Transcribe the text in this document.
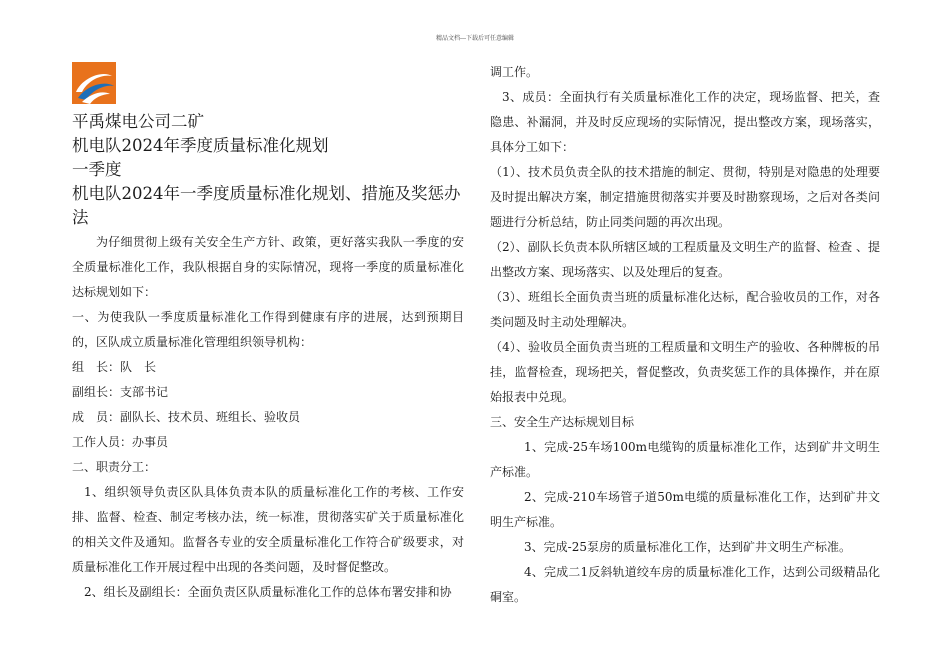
精品文档---下载后可任意编辑
平禹煤电公司二矿
机电队2024年季度质量标准化规划
一季度
机电队2024年一季度质量标准化规划、措施及奖惩办法

为仔细贯彻上级有关安全生产方针、政策，更好落实我队一季度的安全质量标准化工作，我队根据自身的实际情况，现将一季度的质量标准化达标规划如下：

一、为使我队一季度质量标准化工作得到健康有序的进展，达到预期目的，区队成立质量标准化管理组织领导机构：

组　长：队　长

副组长：支部书记

成　员：副队长、技术员、班组长、验收员

工作人员：办事员

二、职责分工：

1、组织领导负责区队具体负责本队的质量标准化工作的考核、工作安排、监督、检查、制定考核办法，统一标准，贯彻落实矿关于质量标准化的相关文件及通知。监督各专业的安全质量标准化工作符合矿级要求，对质量标准化工作开展过程中出现的各类问题，及时督促整改。

2、组长及副组长：全面负责区队质量标准化工作的总体布署安排和协

调工作。

3、成员：全面执行有关质量标准化工作的决定，现场监督、把关，查隐患、补漏洞，并及时反应现场的实际情况，提出整改方案，现场落实，具体分工如下：

（1）、技术员负责全队的技术措施的制定、贯彻，特别是对隐患的处理要及时提出解决方案，制定措施贯彻落实并要及时勘察现场，之后对各类问题进行分析总结，防止同类问题的再次出现。

（2）、副队长负责本队所辖区域的工程质量及文明生产的监督、检查 、提出整改方案、现场落实、以及处理后的复查。

（3）、班组长全面负责当班的质量标准化达标，配合验收员的工作，对各类问题及时主动处理解决。

（4）、验收员全面负责当班的工程质量和文明生产的验收、各种牌板的吊挂，监督检查，现场把关，督促整改，负责奖惩工作的具体操作，并在原始报表中兑现。

三、安全生产达标规划目标

1、完成-25车场100m电缆钩的质量标准化工作，达到矿井文明生产标准。

2、完成-210车场管子道50m电缆的质量标准化工作，达到矿井文明生产标准。

3、完成-25泵房的质量标准化工作，达到矿井文明生产标准。

4、完成二1反斜轨道绞车房的质量标准化工作，达到公司级精品化硐室。
